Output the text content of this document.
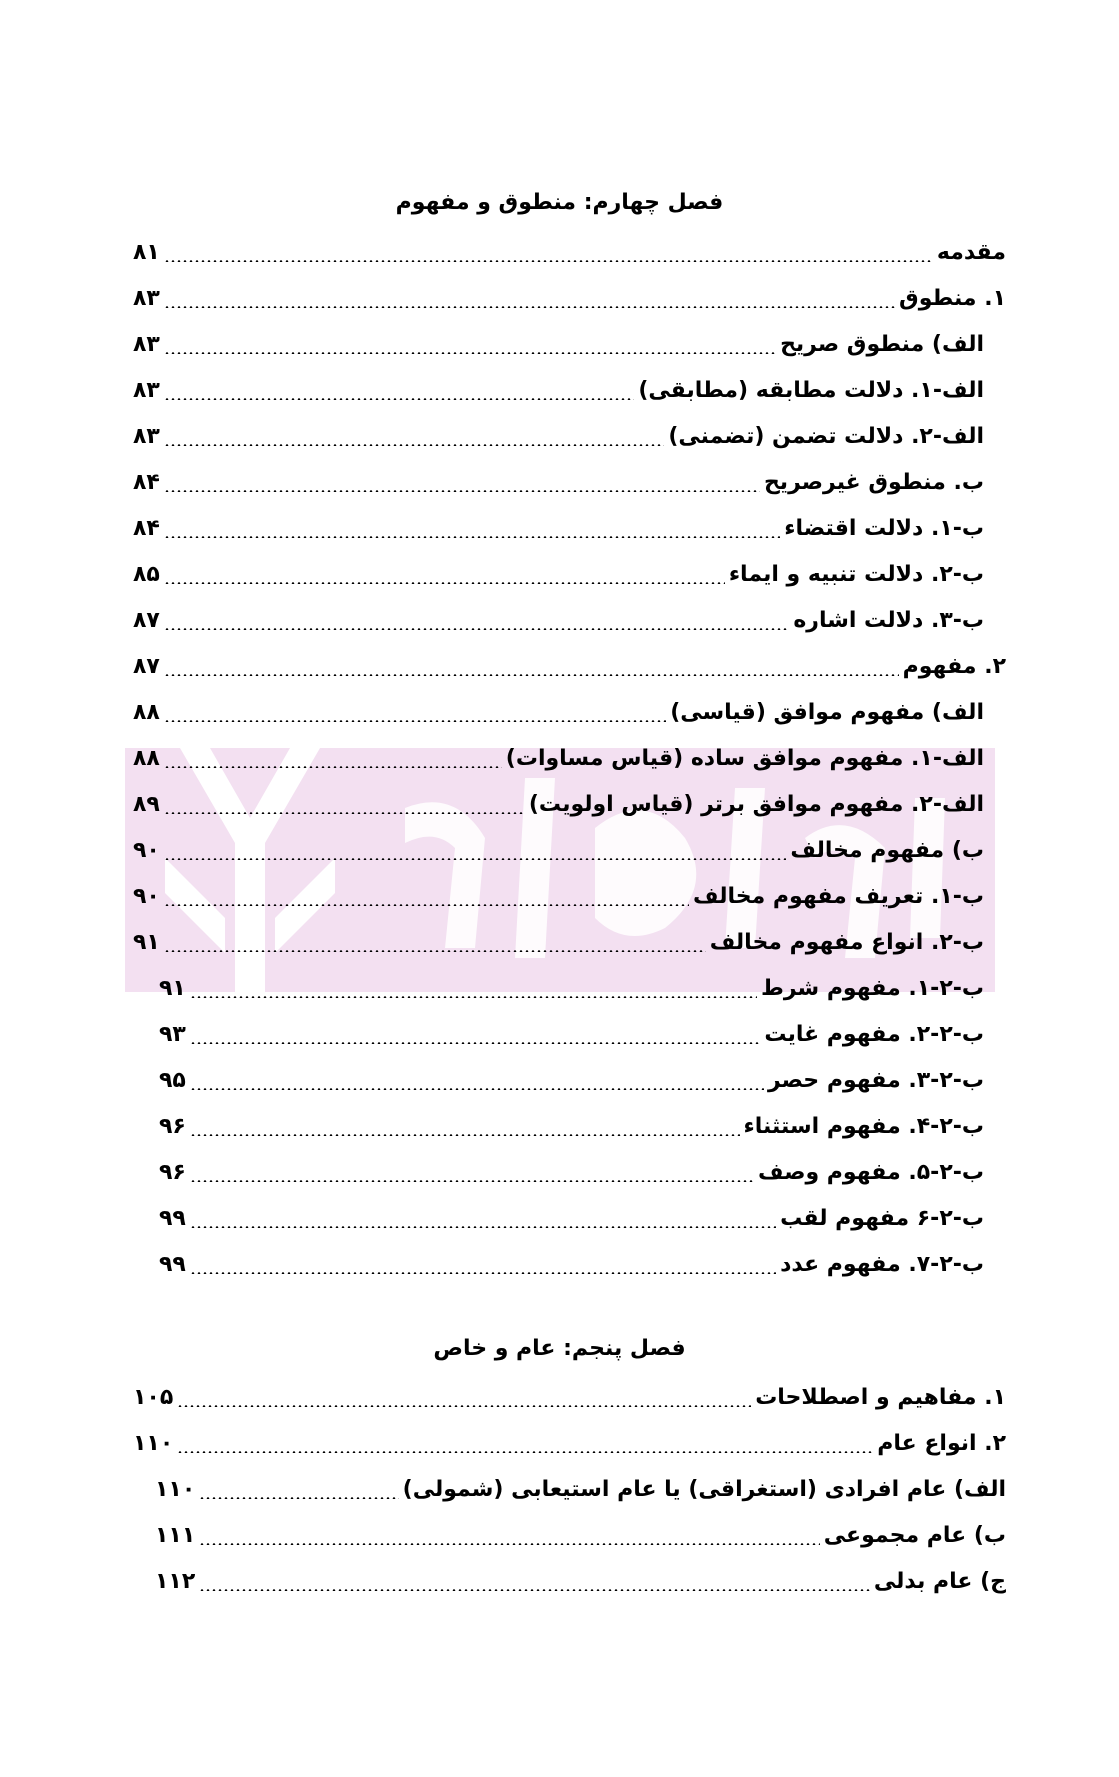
فصل چهارم: منطوق و مفهوم
مقدمه
۸۱
۱. منطوق
۸۳
الف) منطوق صریح
۸۳
الف-۱. دلالت مطابقه (مطابقی)
۸۳
الف-۲. دلالت تضمن (تضمنی)
۸۳
ب. منطوق غیرصریح
۸۴
ب-۱. دلالت اقتضاء
۸۴
ب-۲. دلالت تنبیه و ایماء
۸۵
ب-۳. دلالت اشاره
۸۷
۲. مفهوم
۸۷
الف) مفهوم موافق (قیاسی)
۸۸
الف-۱. مفهوم موافق ساده (قیاس مساوات)
۸۸
الف-۲. مفهوم موافق برتر (قیاس اولویت)
۸۹
ب) مفهوم مخالف
۹۰
ب-۱. تعریف مفهوم مخالف
۹۰
ب-۲. انواع مفهوم مخالف
۹۱
ب-۲-۱. مفهوم شرط
۹۱
ب-۲-۲. مفهوم غایت
۹۳
ب-۲-۳. مفهوم حصر
۹۵
ب-۲-۴. مفهوم استثناء
۹۶
ب-۲-۵. مفهوم وصف
۹۶
ب-۲-۶ مفهوم لقب
۹۹
ب-۲-۷. مفهوم عدد
۹۹
فصل پنجم: عام و خاص
۱. مفاهیم و اصطلاحات
۱۰۵
۲. انواع عام
۱۱۰
الف) عام افرادی (استغراقی) یا عام استیعابی (شمولی)
۱۱۰
ب) عام مجموعی
۱۱۱
ج) عام بدلی
۱۱۲
